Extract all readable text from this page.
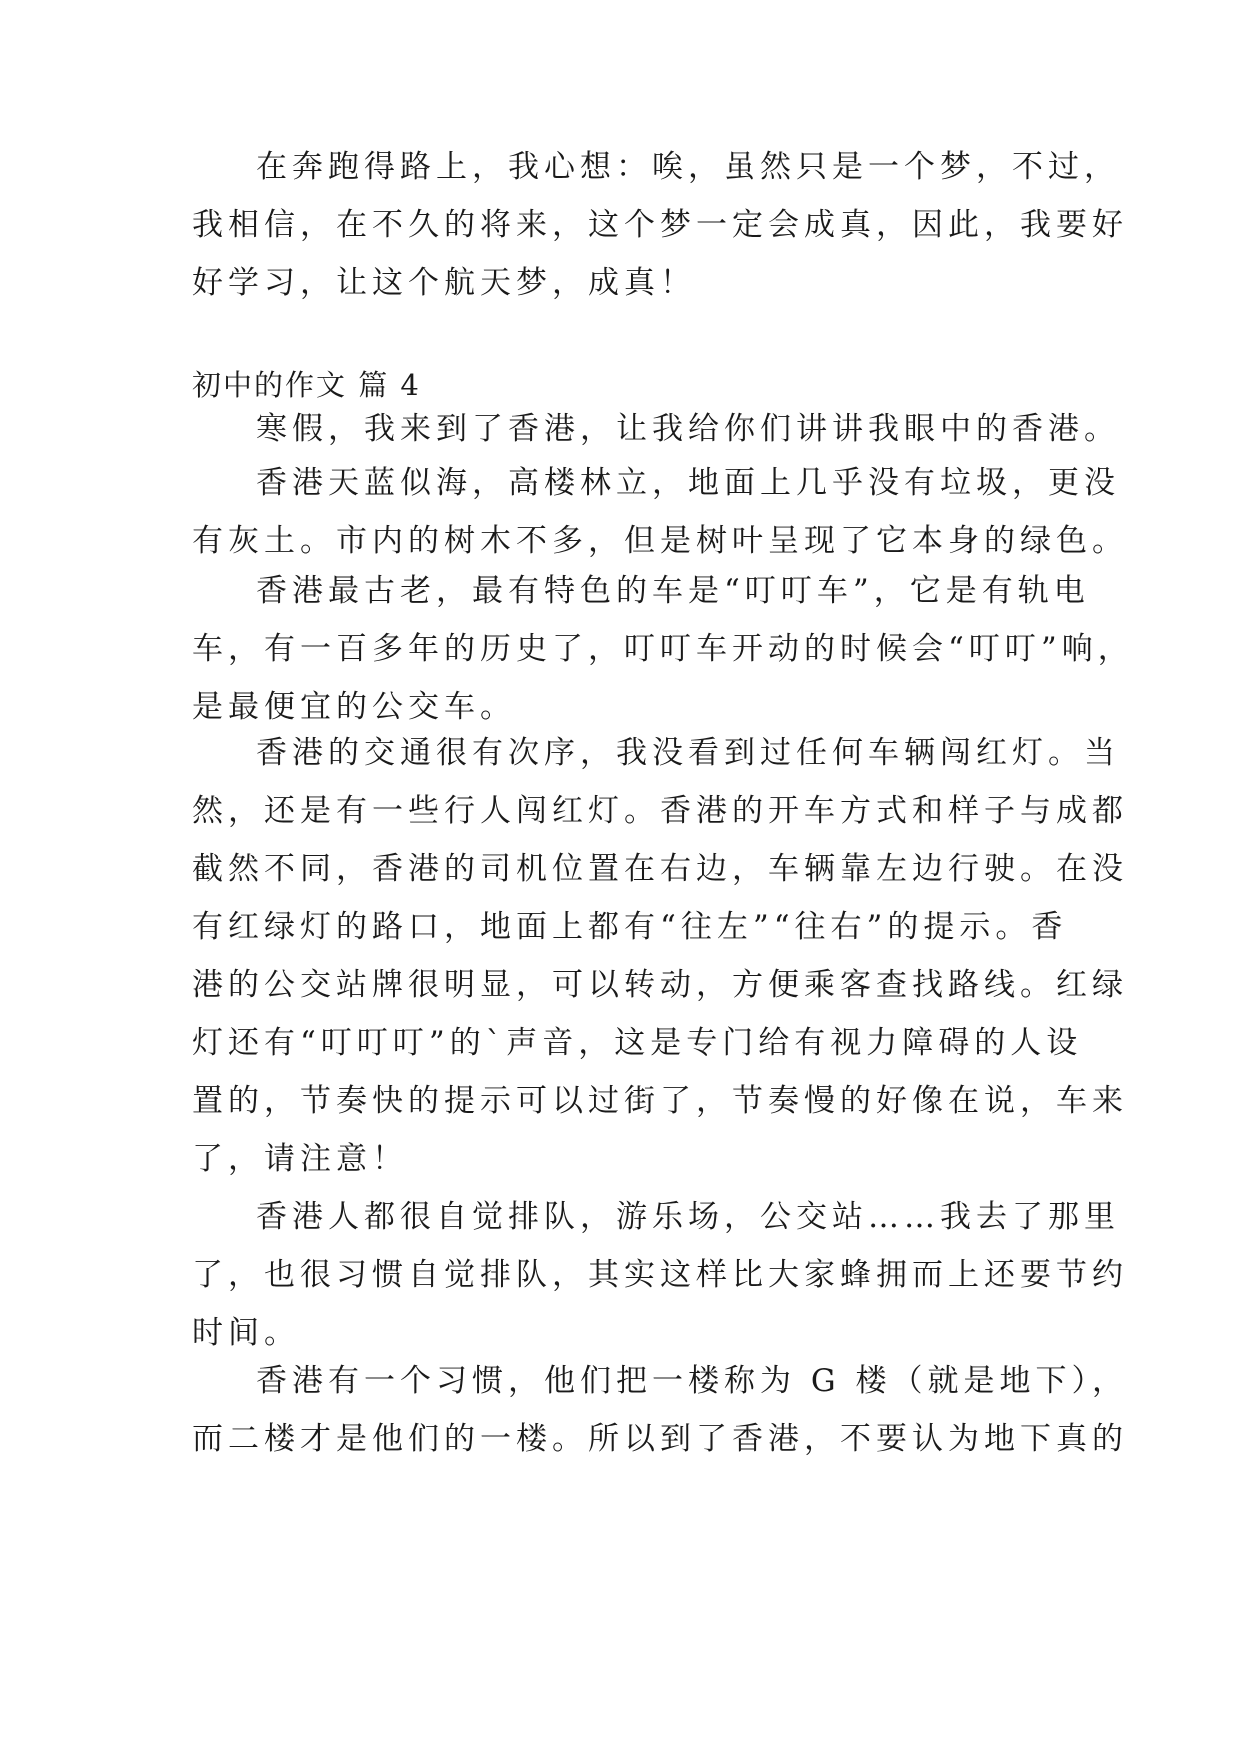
在奔跑得路上，我心想：唉，虽然只是一个梦，不过，
我相信，在不久的将来，这个梦一定会成真，因此，我要好
好学习，让这个航天梦，成真！
初中的作文 篇 4
寒假，我来到了香港，让我给你们讲讲我眼中的香港。
香港天蓝似海，高楼林立，地面上几乎没有垃圾，更没
有灰土。市内的树木不多，但是树叶呈现了它本身的绿色。
香港最古老，最有特色的车是“叮叮车”，它是有轨电
车，有一百多年的历史了，叮叮车开动的时候会“叮叮”响，
是最便宜的公交车。
香港的交通很有次序，我没看到过任何车辆闯红灯。当
然，还是有一些行人闯红灯。香港的开车方式和样子与成都
截然不同，香港的司机位置在右边，车辆靠左边行驶。在没
有红绿灯的路口，地面上都有“往左”“往右”的提示。香
港的公交站牌很明显，可以转动，方便乘客查找路线。红绿
灯还有“叮叮叮”的`声音，这是专门给有视力障碍的人设
置的，节奏快的提示可以过街了，节奏慢的好像在说，车来
了，请注意！
香港人都很自觉排队，游乐场，公交站……我去了那里
了，也很习惯自觉排队，其实这样比大家蜂拥而上还要节约
时间。
香港有一个习惯，他们把一楼称为 G 楼（就是地下），
而二楼才是他们的一楼。所以到了香港，不要认为地下真的
